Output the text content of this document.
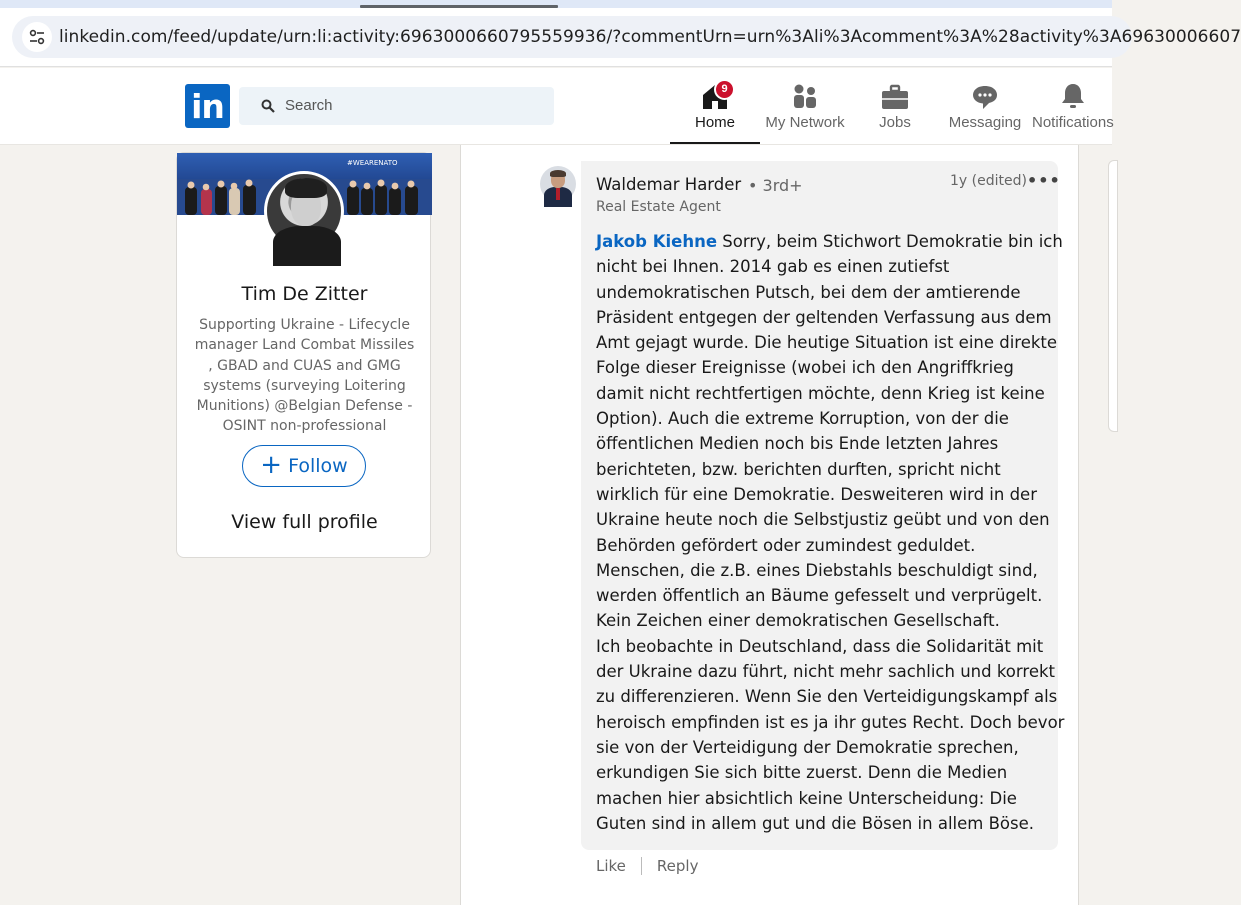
linkedin.com/feed/update/urn:li:activity:6963000660795559936/?commentUrn=urn%3Ali%3Acomment%3A%28activity%3A69630006607
in	Search
9
Home	My Network	Jobs	Messaging Notifications
#WEARENATO
Tim De Zitter
Supporting Ukraine - Lifecycle manager Land Combat Missiles , GBAD and CUAS and GMG systems (surveying Loitering Munitions) @Belgian Defense - OSINT non-professional
+ Follow
View full profile
Waldemar Harder • 3rd+
Real Estate Agent
1y (edited) •••
Jakob Kiehne Sorry, beim Stichwort Demokratie bin ich
nicht bei Ihnen. 2014 gab es einen zutiefst
undemokratischen Putsch, bei dem der amtierende
Präsident entgegen der geltenden Verfassung aus dem
Amt gejagt wurde. Die heutige Situation ist eine direkte
Folge dieser Ereignisse (wobei ich den Angriffkrieg
damit nicht rechtfertigen möchte, denn Krieg ist keine
Option). Auch die extreme Korruption, von der die
öffentlichen Medien noch bis Ende letzten Jahres
berichteten, bzw. berichten durften, spricht nicht
wirklich für eine Demokratie. Desweiteren wird in der
Ukraine heute noch die Selbstjustiz geübt und von den
Behörden gefördert oder zumindest geduldet.
Menschen, die z.B. eines Diebstahls beschuldigt sind,
werden öffentlich an Bäume gefesselt und verprügelt.
Kein Zeichen einer demokratischen Gesellschaft.
Ich beobachte in Deutschland, dass die Solidarität mit
der Ukraine dazu führt, nicht mehr sachlich und korrekt
zu differenzieren. Wenn Sie den Verteidigungskampf als
heroisch empfinden ist es ja ihr gutes Recht. Doch bevor
sie von der Verteidigung der Demokratie sprechen,
erkundigen Sie sich bitte zuerst. Denn die Medien
machen hier absichtlich keine Unterscheidung: Die
Guten sind in allem gut und die Bösen in allem Böse.
Like Reply
